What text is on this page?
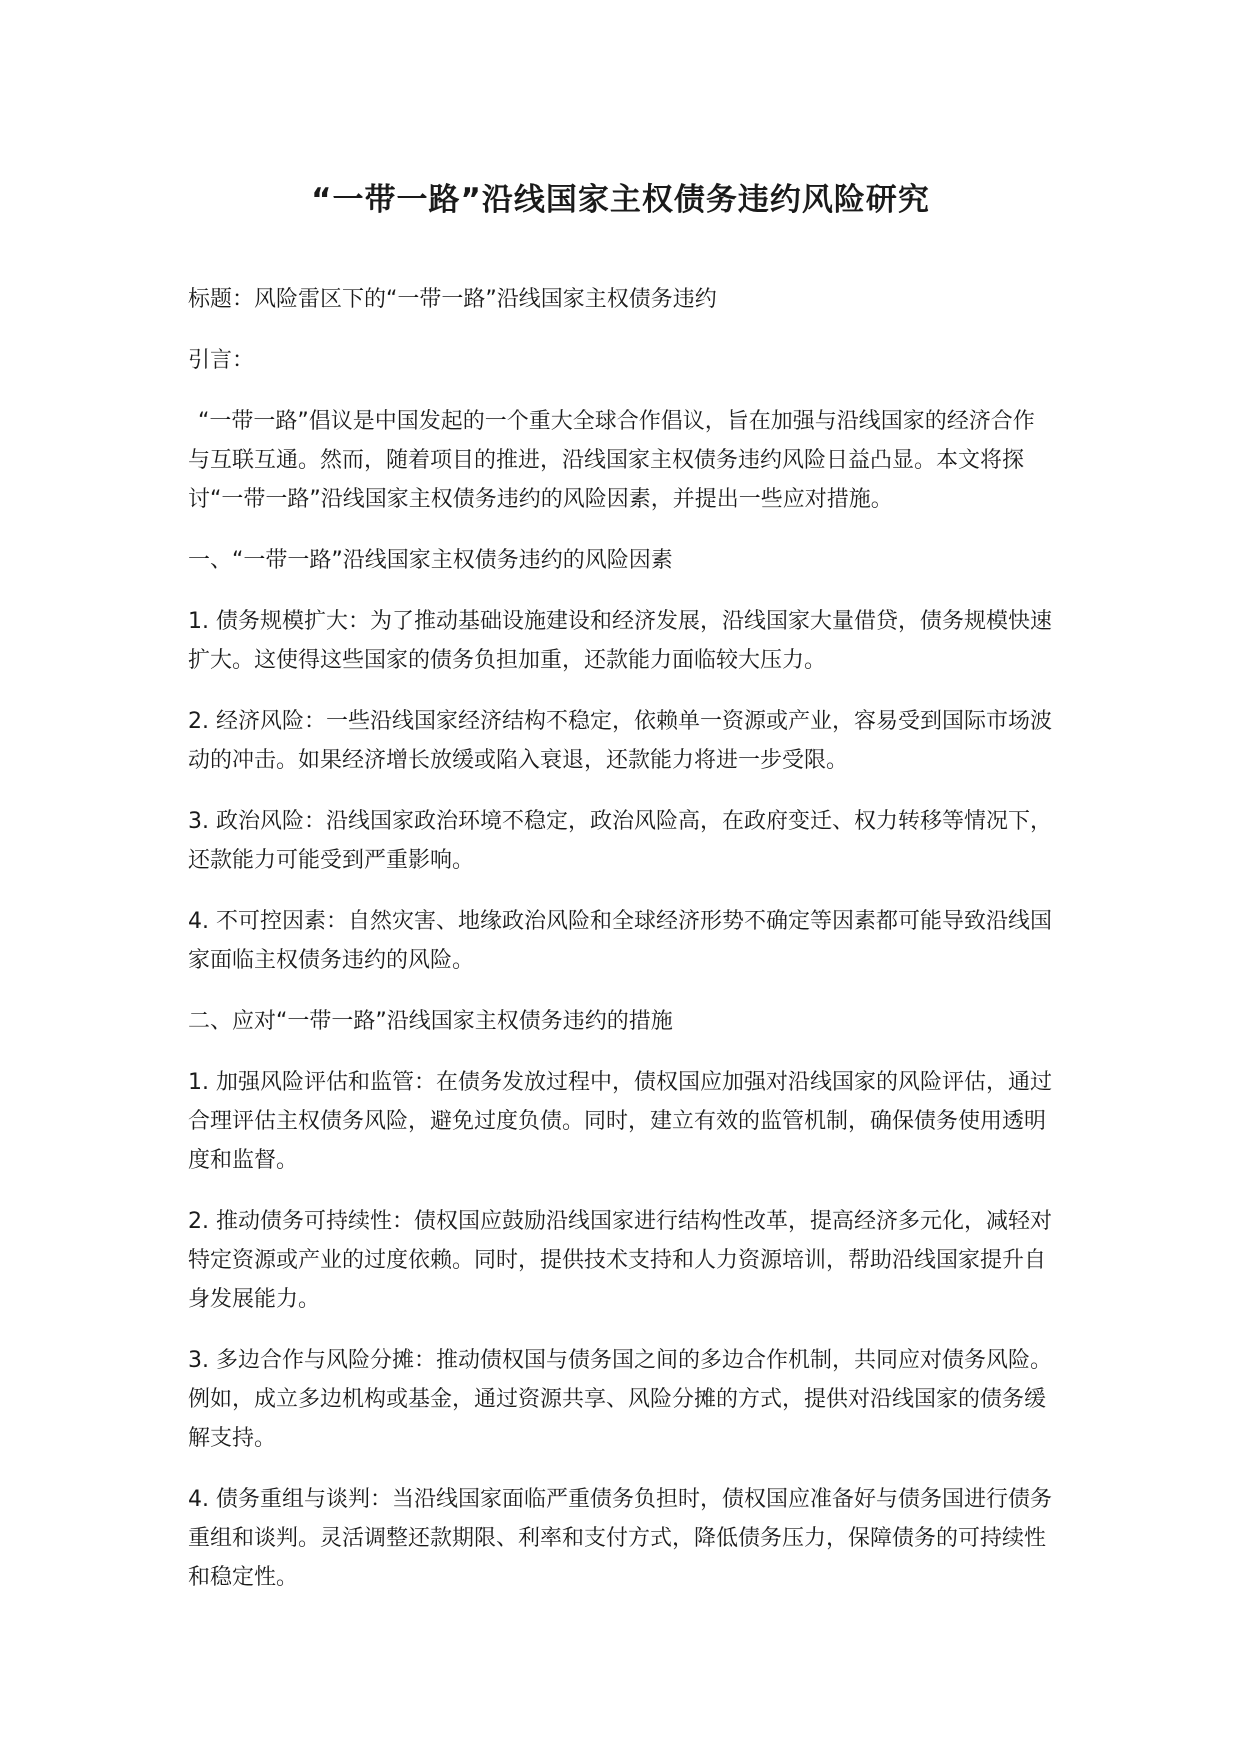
“一带一路”沿线国家主权债务违约风险研究

标题：风险雷区下的“一带一路”沿线国家主权债务违约

引言：

“一带一路”倡议是中国发起的一个重大全球合作倡议，旨在加强与沿线国家的经济合作与互联互通。然而，随着项目的推进，沿线国家主权债务违约风险日益凸显。本文将探讨“一带一路”沿线国家主权债务违约的风险因素，并提出一些应对措施。

一、“一带一路”沿线国家主权债务违约的风险因素

1. 债务规模扩大：为了推动基础设施建设和经济发展，沿线国家大量借贷，债务规模快速扩大。这使得这些国家的债务负担加重，还款能力面临较大压力。

2. 经济风险：一些沿线国家经济结构不稳定，依赖单一资源或产业，容易受到国际市场波动的冲击。如果经济增长放缓或陷入衰退，还款能力将进一步受限。

3. 政治风险：沿线国家政治环境不稳定，政治风险高，在政府变迁、权力转移等情况下，还款能力可能受到严重影响。

4. 不可控因素：自然灾害、地缘政治风险和全球经济形势不确定等因素都可能导致沿线国家面临主权债务违约的风险。

二、应对“一带一路”沿线国家主权债务违约的措施

1. 加强风险评估和监管：在债务发放过程中，债权国应加强对沿线国家的风险评估，通过合理评估主权债务风险，避免过度负债。同时，建立有效的监管机制，确保债务使用透明度和监督。

2. 推动债务可持续性：债权国应鼓励沿线国家进行结构性改革，提高经济多元化，减轻对特定资源或产业的过度依赖。同时，提供技术支持和人力资源培训，帮助沿线国家提升自身发展能力。

3. 多边合作与风险分摊：推动债权国与债务国之间的多边合作机制，共同应对债务风险。例如，成立多边机构或基金，通过资源共享、风险分摊的方式，提供对沿线国家的债务缓解支持。

4. 债务重组与谈判：当沿线国家面临严重债务负担时，债权国应准备好与债务国进行债务重组和谈判。灵活调整还款期限、利率和支付方式，降低债务压力，保障债务的可持续性和稳定性。
